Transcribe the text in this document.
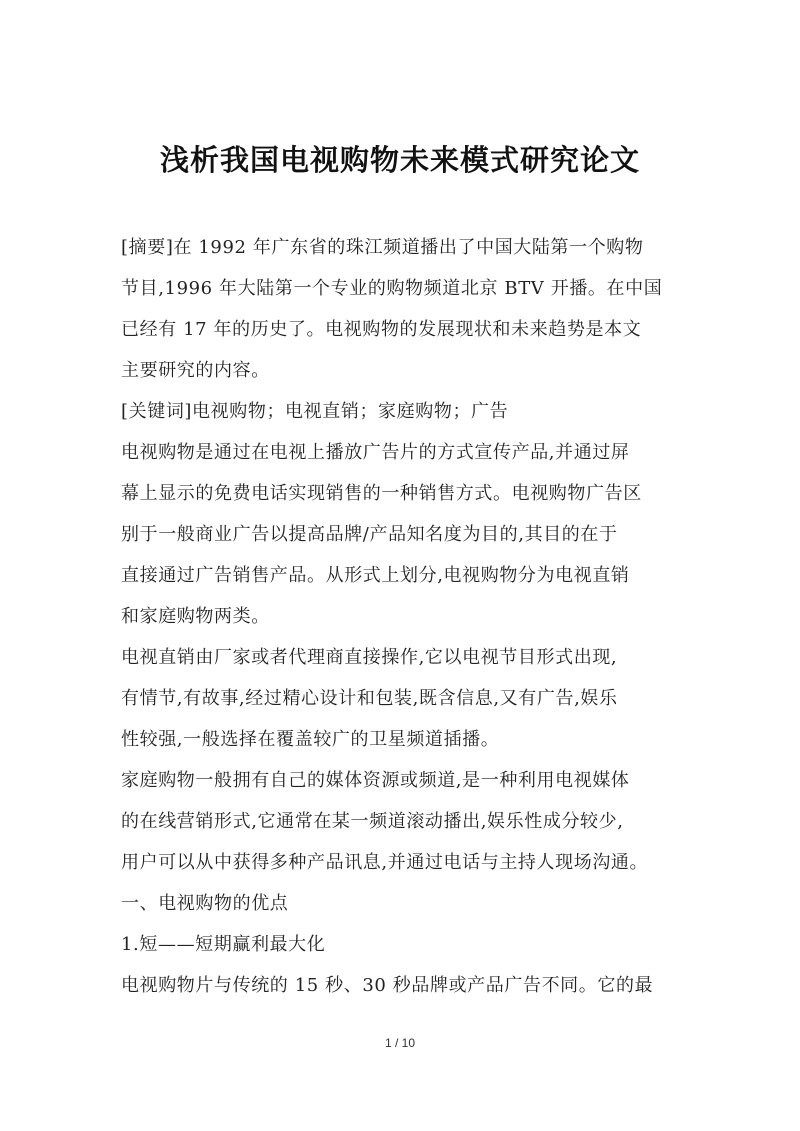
浅析我国电视购物未来模式研究论文
[摘要]在 1992 年广东省的珠江频道播出了中国大陆第一个购物
节目,1996 年大陆第一个专业的购物频道北京 BTV 开播。在中国
已经有 17 年的历史了。电视购物的发展现状和未来趋势是本文
主要研究的内容。
[关键词]电视购物；电视直销；家庭购物；广告
电视购物是通过在电视上播放广告片的方式宣传产品,并通过屏
幕上显示的免费电话实现销售的一种销售方式。电视购物广告区
别于一般商业广告以提高品牌/产品知名度为目的,其目的在于
直接通过广告销售产品。从形式上划分,电视购物分为电视直销
和家庭购物两类。
电视直销由厂家或者代理商直接操作,它以电视节目形式出现,
有情节,有故事,经过精心设计和包装,既含信息,又有广告,娱乐
性较强,一般选择在覆盖较广的卫星频道插播。
家庭购物一般拥有自己的媒体资源或频道,是一种利用电视媒体
的在线营销形式,它通常在某一频道滚动播出,娱乐性成分较少,
用户可以从中获得多种产品讯息,并通过电话与主持人现场沟通。
一、电视购物的优点
1.短——短期赢利最大化
电视购物片与传统的 15 秒、30 秒品牌或产品广告不同。它的最
1 / 10
